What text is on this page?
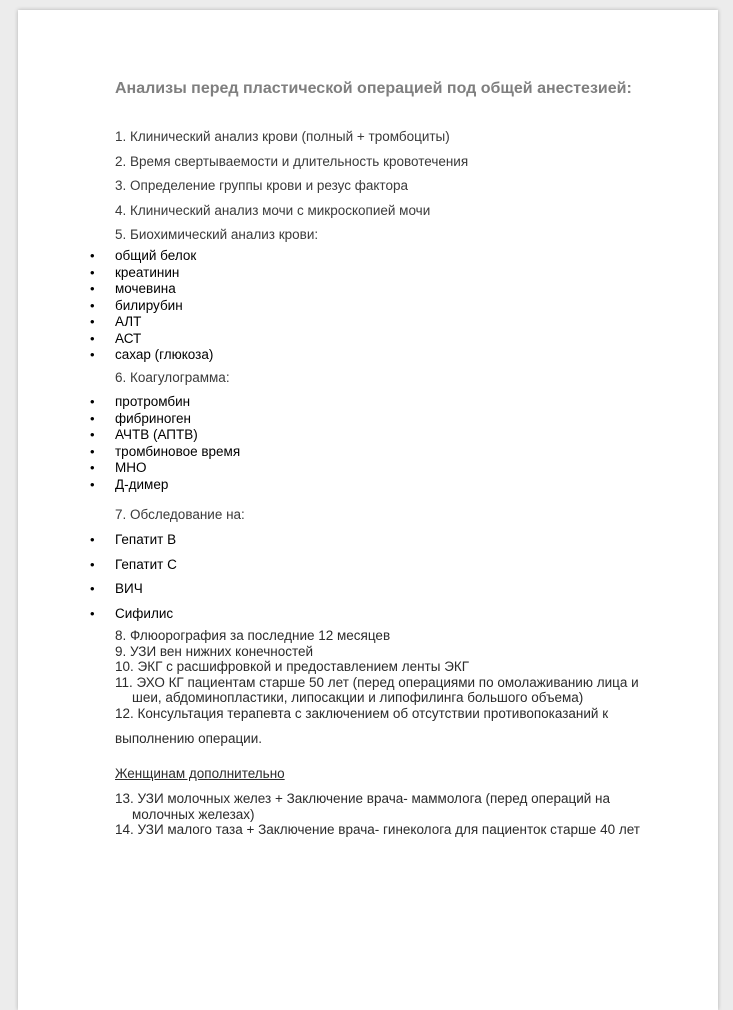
Анализы перед пластической операцией под общей анестезией:
1. Клинический анализ крови (полный + тромбоциты)
2. Время свертываемости и длительность кровотечения
3. Определение группы крови и резус фактора
4. Клинический анализ мочи с микроскопией мочи
5. Биохимический анализ крови:
• общий белок
• креатинин
• мочевина
• билирубин
• АЛТ
• АСТ
• сахар (глюкоза)

6. Коагулограмма:

• протромбин
• фибриноген
• АЧТВ (АПТВ)
• тромбиновое время
• МНО
• Д-димер

7. Обследование на:

• Гепатит В
• Гепатит С
• ВИЧ
• Сифилис
8. Флюорография за последние 12 месяцев
9. УЗИ вен нижних конечностей
10. ЭКГ с расшифровкой и предоставлением ленты ЭКГ
11. ЭХО КГ пациентам старше 50 лет (перед операциями по омолаживанию лица и
шеи, абдоминопластики, липосакции и липофилинга большого объема)
12. Консультация терапевта с заключением об отсутствии противопоказаний к
выполнению операции.

Женщинам дополнительно

13. УЗИ молочных желез + Заключение врача- маммолога (перед операций на
молочных железах)
14. УЗИ малого таза + Заключение врача- гинеколога для пациенток старше 40 лет
